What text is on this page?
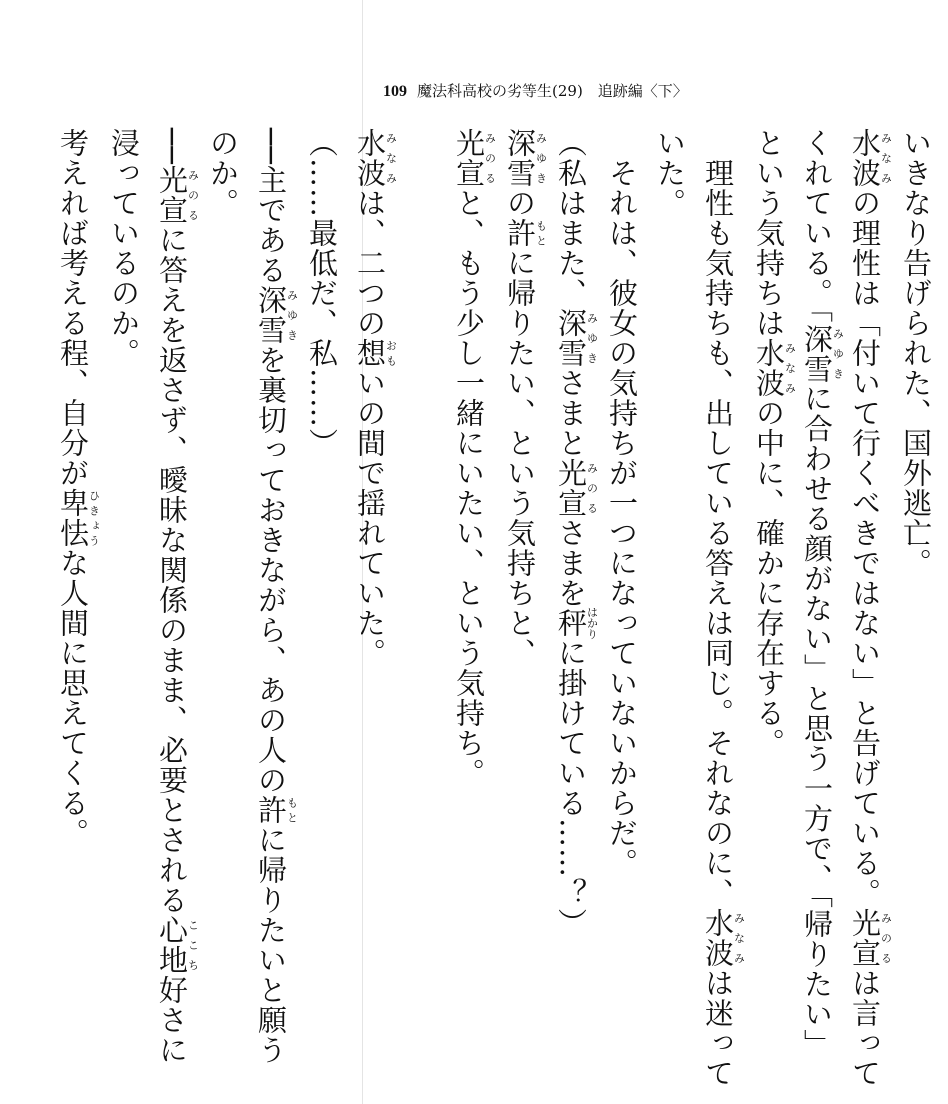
109 魔法科高校の劣等生(29)　追跡編〈下〉

いきなり告げられた、国外逃亡。

水波みなみの理性は「付いて行くべきではない」と告げている。光宣みのるは言ってくれている。「深雪みゆきに合わせる顔がない」と思う一方で、「帰りたい」という気持ちは水波みなみの中に、確かに存在する。

　理性も気持ちも、出している答えは同じ。それなのに、水波みなみは迷っていた。

　それは、彼女の気持ちが一つになっていないからだ。

（私はまた、深雪みゆきさまと光宣みのるさまを秤はかりに掛けている……？）

深雪みゆきの許もとに帰りたい、という気持ちと、

光宣みのると、もう少し一緒にいたい、という気持ち。

水波みなみは、二つの想おもいの間で揺れていた。

（……最低だ、私……）

──主である深雪みゆきを裏切っておきながら、あの人の許もとに帰りたいと願うのか。

──光宣みのるに答えを返さず、曖昧な関係のまま、必要とされる心地ここち好さに浸っているのか。

考えれば考える程、自分が卑怯ひきょうな人間に思えてくる。
